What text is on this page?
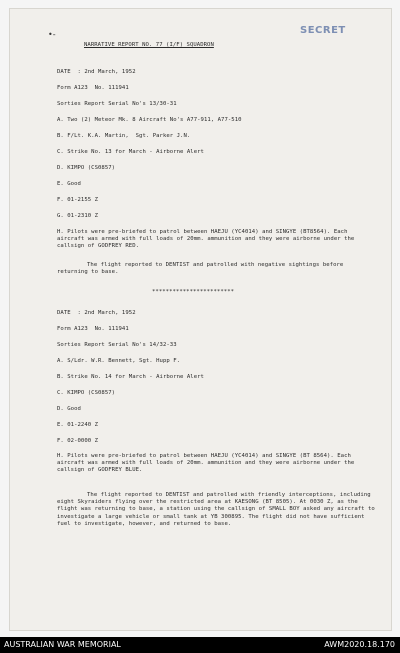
•-	SECRET
NARRATIVE REPORT NO. 77 (I/F) SQUADRON
DATE  : 2nd March, 1952
Form A123  No. 111941
Sorties Report Serial No's 13/30-31
A. Two (2) Meteor Mk. 8 Aircraft No's A77-911, A77-510
B. F/Lt. K.A. Martin,  Sgt. Parker J.N.
C. Strike No. 13 for March - Airborne Alert
D. KIMPO (CS0857)
E. Good
F. 01-2155 Z
G. 01-2310 Z
H. Pilots were pre-briefed to patrol between HAEJU (YC4014) and SINGYE (BT8564). Each aircraft was armed with full loads of 20mm. ammunition and they were airborne under the callsign of GODFREY RED.
The flight reported to DENTIST and patrolled with negative sightings before returning to base.
************************
DATE  : 2nd March, 1952
Form A123  No. 111941
Sorties Report Serial No's 14/32-33
A. S/Ldr. W.R. Bennett, Sgt. Hupp F.
B. Strike No. 14 for March - Airborne Alert
C. KIMPO (CS0857)
D. Good
E. 01-2240 Z
F. 02-0000 Z
H. Pilots were pre-briefed to patrol between HAEJU (YC4014) and SINGYE (BT 8564). Each aircraft was armed with full loads of 20mm. ammunition and they were airborne under the callsign of GODFREY BLUE.
The flight reported to DENTIST and patrolled with friendly interceptions, including eight Skyraiders flying over the restricted area at KAESONG (BT 8505). At 0030 Z, as the flight was returning to base, a station using the callsign of SMALL BOY asked any aircraft to investigate a large vehicle or small tank at YB 300895. The flight did not have sufficient fuel to investigate, however, and returned to base.
AUSTRALIAN WAR MEMORIAL	AWM2020.18.170
